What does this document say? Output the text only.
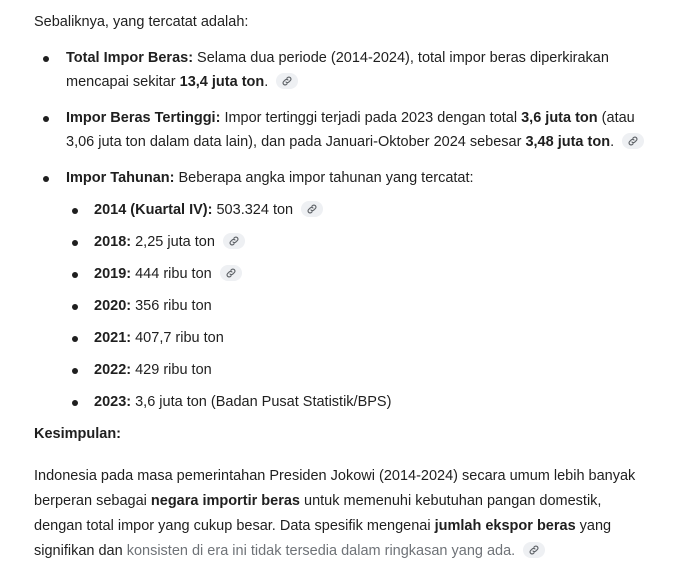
Sebaliknya, yang tercatat adalah:

Total Impor Beras: Selama dua periode (2014-2024), total impor beras diperkirakan mencapai sekitar 13,4 juta ton.
Impor Beras Tertinggi: Impor tertinggi terjadi pada 2023 dengan total 3,6 juta ton (atau 3,06 juta ton dalam data lain), dan pada Januari-Oktober 2024 sebesar 3,48 juta ton.
Impor Tahunan: Beberapa angka impor tahunan yang tercatat:
2014 (Kuartal IV): 503.324 ton
2018: 2,25 juta ton
2019: 444 ribu ton
2020: 356 ribu ton
2021: 407,7 ribu ton
2022: 429 ribu ton
2023: 3,6 juta ton (Badan Pusat Statistik/BPS)

Kesimpulan:

Indonesia pada masa pemerintahan Presiden Jokowi (2014-2024) secara umum lebih banyak berperan sebagai negara importir beras untuk memenuhi kebutuhan pangan domestik, dengan total impor yang cukup besar. Data spesifik mengenai jumlah ekspor beras yang signifikan dan konsisten di era ini tidak tersedia dalam ringkasan yang ada.
